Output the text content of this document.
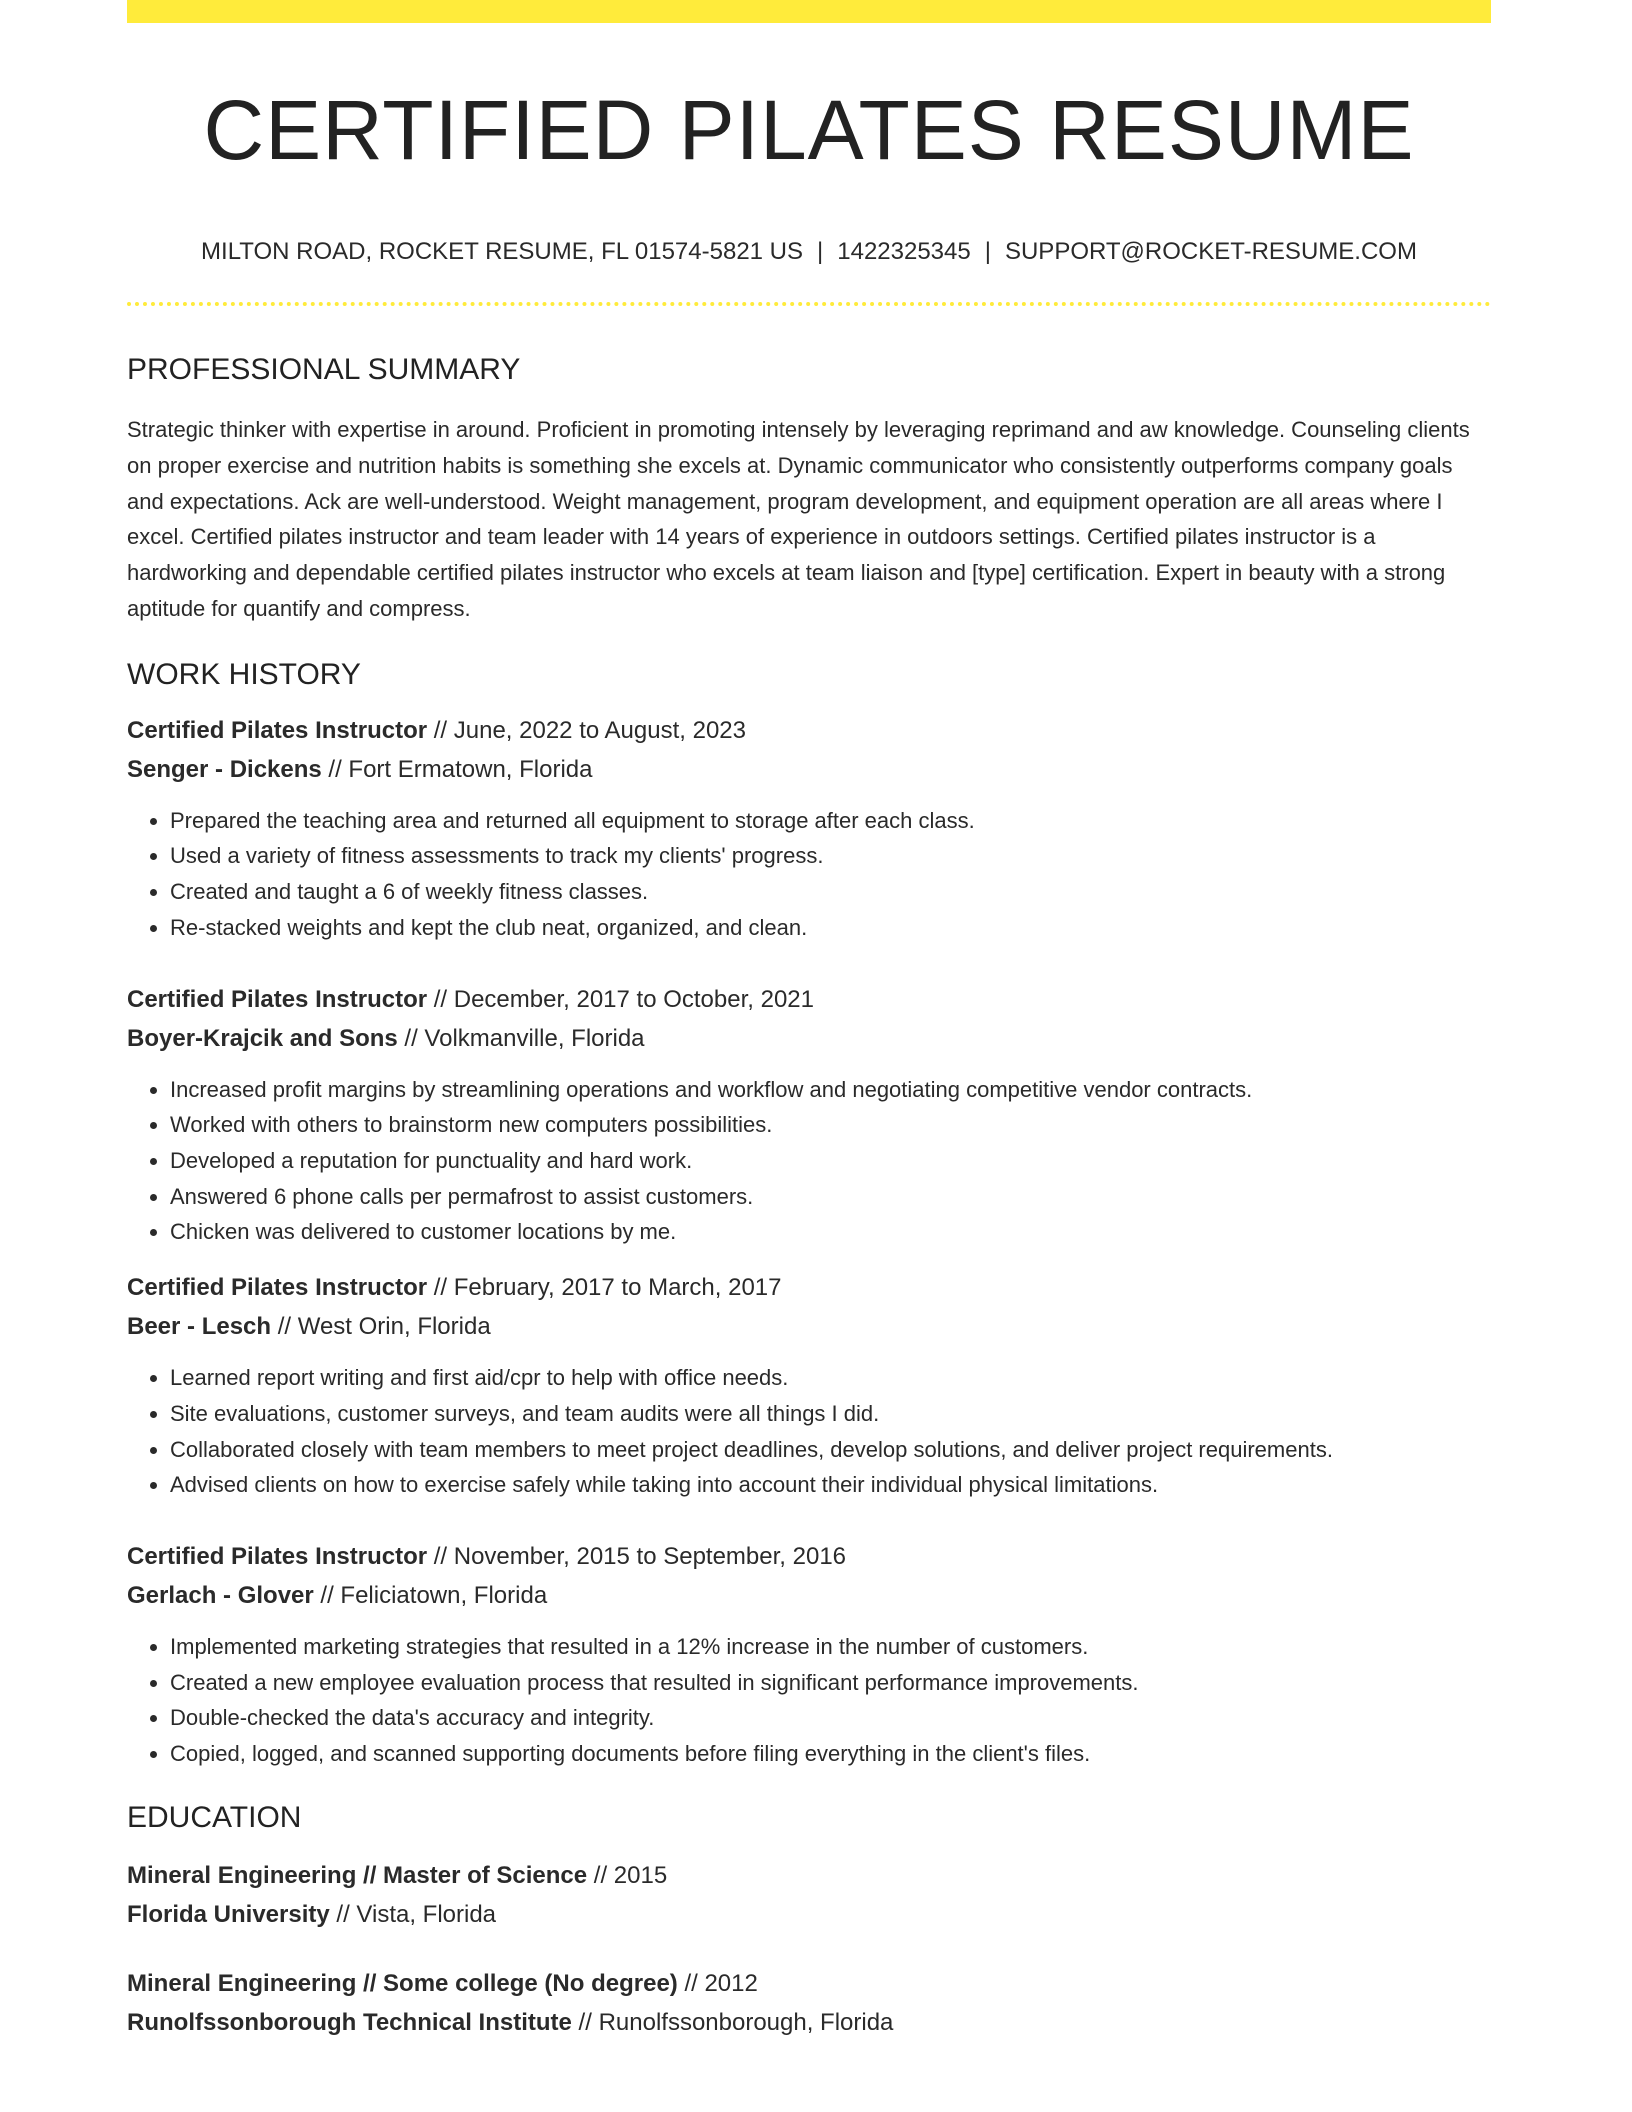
CERTIFIED PILATES RESUME
MILTON ROAD, ROCKET RESUME, FL 01574-5821 US | 1422325345 | SUPPORT@ROCKET-RESUME.COM
PROFESSIONAL SUMMARY

Strategic thinker with expertise in around. Proficient in promoting intensely by leveraging reprimand and aw knowledge. Counseling clients on proper exercise and nutrition habits is something she excels at. Dynamic communicator who consistently outperforms company goals and expectations. Ack are well-understood. Weight management, program development, and equipment operation are all areas where I excel. Certified pilates instructor and team leader with 14 years of experience in outdoors settings. Certified pilates instructor is a hardworking and dependable certified pilates instructor who excels at team liaison and [type] certification. Expert in beauty with a strong aptitude for quantify and compress.

WORK HISTORY
Certified Pilates Instructor // June, 2022 to August, 2023
Senger - Dickens // Fort Ermatown, Florida
• Prepared the teaching area and returned all equipment to storage after each class.
• Used a variety of fitness assessments to track my clients' progress.
• Created and taught a 6 of weekly fitness classes.
• Re-stacked weights and kept the club neat, organized, and clean.
Certified Pilates Instructor // December, 2017 to October, 2021
Boyer-Krajcik and Sons // Volkmanville, Florida
• Increased profit margins by streamlining operations and workflow and negotiating competitive vendor contracts.
• Worked with others to brainstorm new computers possibilities.
• Developed a reputation for punctuality and hard work.
• Answered 6 phone calls per permafrost to assist customers.
• Chicken was delivered to customer locations by me.
Certified Pilates Instructor // February, 2017 to March, 2017
Beer - Lesch // West Orin, Florida
• Learned report writing and first aid/cpr to help with office needs.
• Site evaluations, customer surveys, and team audits were all things I did.
• Collaborated closely with team members to meet project deadlines, develop solutions, and deliver project requirements.
• Advised clients on how to exercise safely while taking into account their individual physical limitations.
Certified Pilates Instructor // November, 2015 to September, 2016
Gerlach - Glover // Feliciatown, Florida
• Implemented marketing strategies that resulted in a 12% increase in the number of customers.
• Created a new employee evaluation process that resulted in significant performance improvements.
• Double-checked the data's accuracy and integrity.
• Copied, logged, and scanned supporting documents before filing everything in the client's files.
EDUCATION
Mineral Engineering // Master of Science // 2015
Florida University // Vista, Florida
Mineral Engineering // Some college (No degree) // 2012
Runolfssonborough Technical Institute // Runolfssonborough, Florida
